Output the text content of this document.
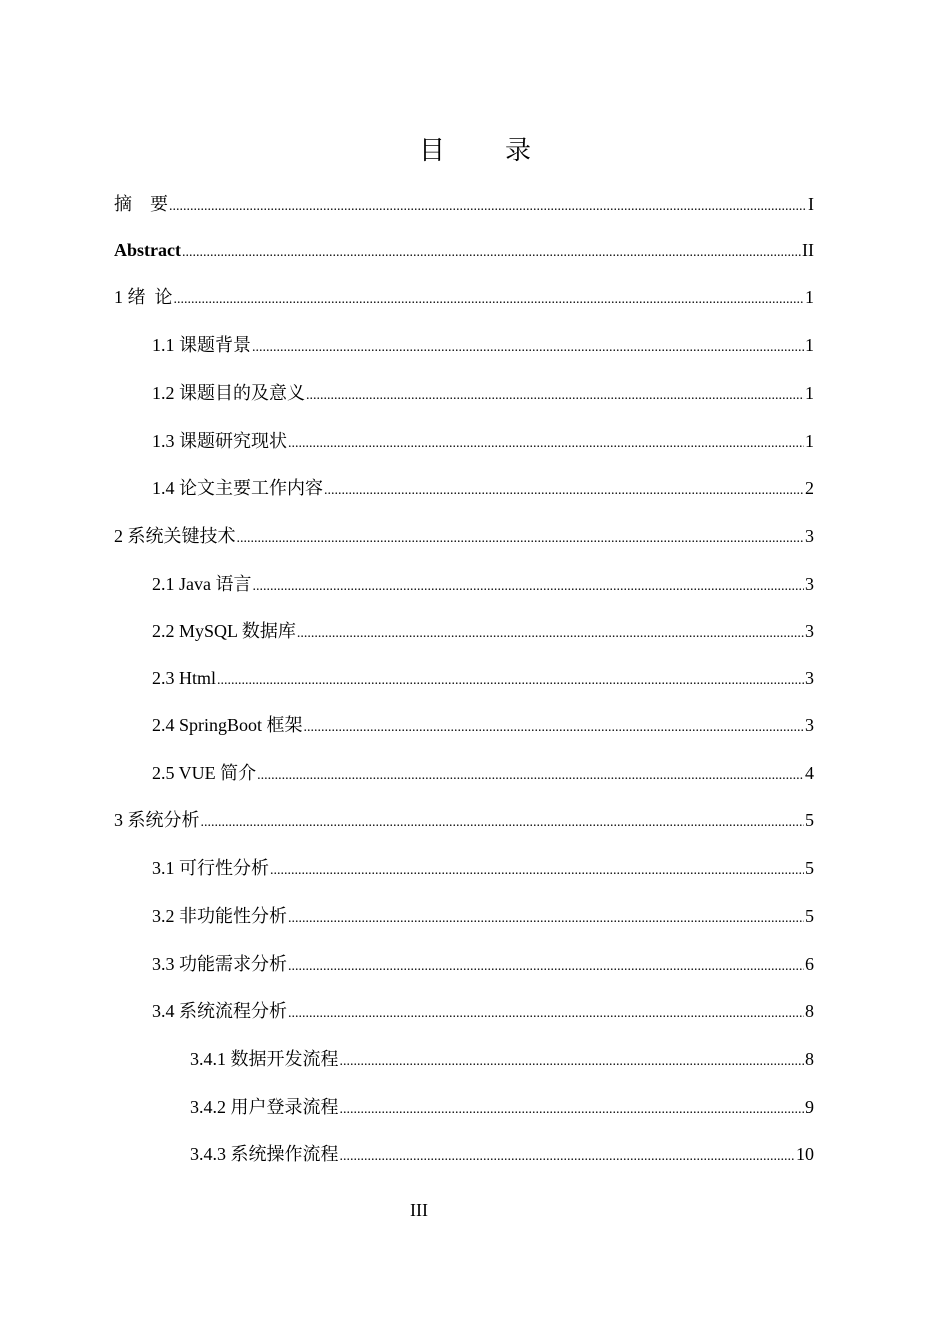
目 录
摘    要 .....	I
Abstract .....	II
1 绪  论 .....	1
1.1 课题背景 .....	1
1.2 课题目的及意义 .....	1
1.3 课题研究现状 .....	1
1.4 论文主要工作内容 .....	2
2 系统关键技术 .....	3
2.1 Java 语言 .....	3
2.2 MySQL 数据库 .....	3
2.3 Html .....	3
2.4 SpringBoot 框架 .....	3
2.5 VUE 简介 .....	4
3 系统分析 .....	5
3.1 可行性分析 .....	5
3.2 非功能性分析 .....	5
3.3 功能需求分析 .....	6
3.4 系统流程分析 .....	8
3.4.1 数据开发流程 .....	8
3.4.2 用户登录流程 .....	9
3.4.3 系统操作流程 .....	10
III
